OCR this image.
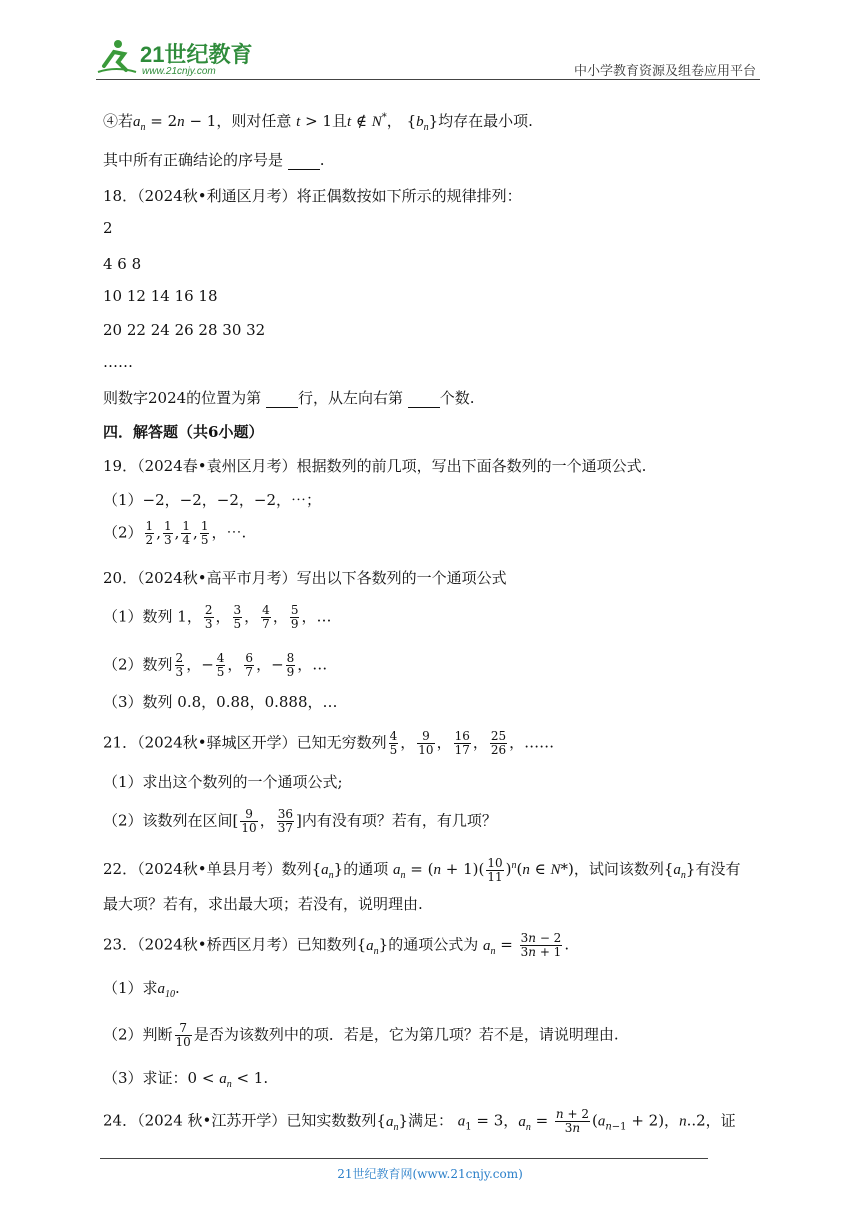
21世纪教育
www.21cnjy.com	中小学教育资源及组卷应用平台
④若$a_n = 2n - 1$，则对任意 t > 1且t ∉ N*， $\{b_n\}$均存在最小项.
其中所有正确结论的序号是 .
18．（2024秋•利通区月考）将正偶数按如下所示的规律排列：
2
4 6 8
10 12 14 16 18
20 22 24 26 28 30 32
……
则数字2024的位置为第 行，从左向右第 个数.
四．解答题（共6小题）
19．（2024春•袁州区月考）根据数列的前几项，写出下面各数列的一个通项公式.
（1）−2，−2，−2，−2，⋯；
$(2) \frac{1}{2}$ , $\frac{1}{3}$ , $\frac{1}{4}$ , $\frac{1}{5}$ ，⋯.
20．（2024秋•高平市月考）写出以下各数列的一个通项公式
（1）数列 1， $\frac{2}{3}$ ， $\frac{3}{5}$ ， $\frac{4}{7}$ ， $\frac{5}{9}$ ，…
（2）数列 $\frac{2}{3}$ ，− $\frac{4}{5}$ ， $\frac{6}{7}$ ，− $\frac{8}{9}$ ，…
（3）数列 0.8，0.88，0.888，…
21．（2024秋•驿城区开学）已知无穷数列 $\frac{4}{5}$ ， $\frac{9}{10}$ ， $\frac{16}{17}$ ， $\frac{25}{26}$ ，……
（1）求出这个数列的一个通项公式;
（2）该数列在区间[ $\frac{9}{10}$ ， $\frac{36}{37}$ ]内有没有项？若有，有几项？
22．（2024秋•单县月考）数列$\{a_n\}$的通项 $a_n = (n + 1)( \frac{10}{11} )^n(n$ ∈ N*)，试问该数列$\{a_n\}$有没有
最大项？若有，求出最大项；若没有，说明理由.
23．（2024秋•桥西区月考）已知数列$\{a_n\}$的通项公式为 $a_n = \frac{3n - 2}{3n + 1}$ .
（1）求$a_{10}$.
（2）判断 $\frac{7}{10}$ 是否为该数列中的项．若是，它为第几项？若不是，请说明理由.
（3）求证：$0 < a_n < 1$.
24．（2024 秋•江苏开学）已知实数数列$\{a_n\}$满足： $a_1 = 3$，$a_n = \frac{n + 2}{3n} (a_{n-1} + 2)$，n..2，证
21世纪教育网(www.21cnjy.com)
